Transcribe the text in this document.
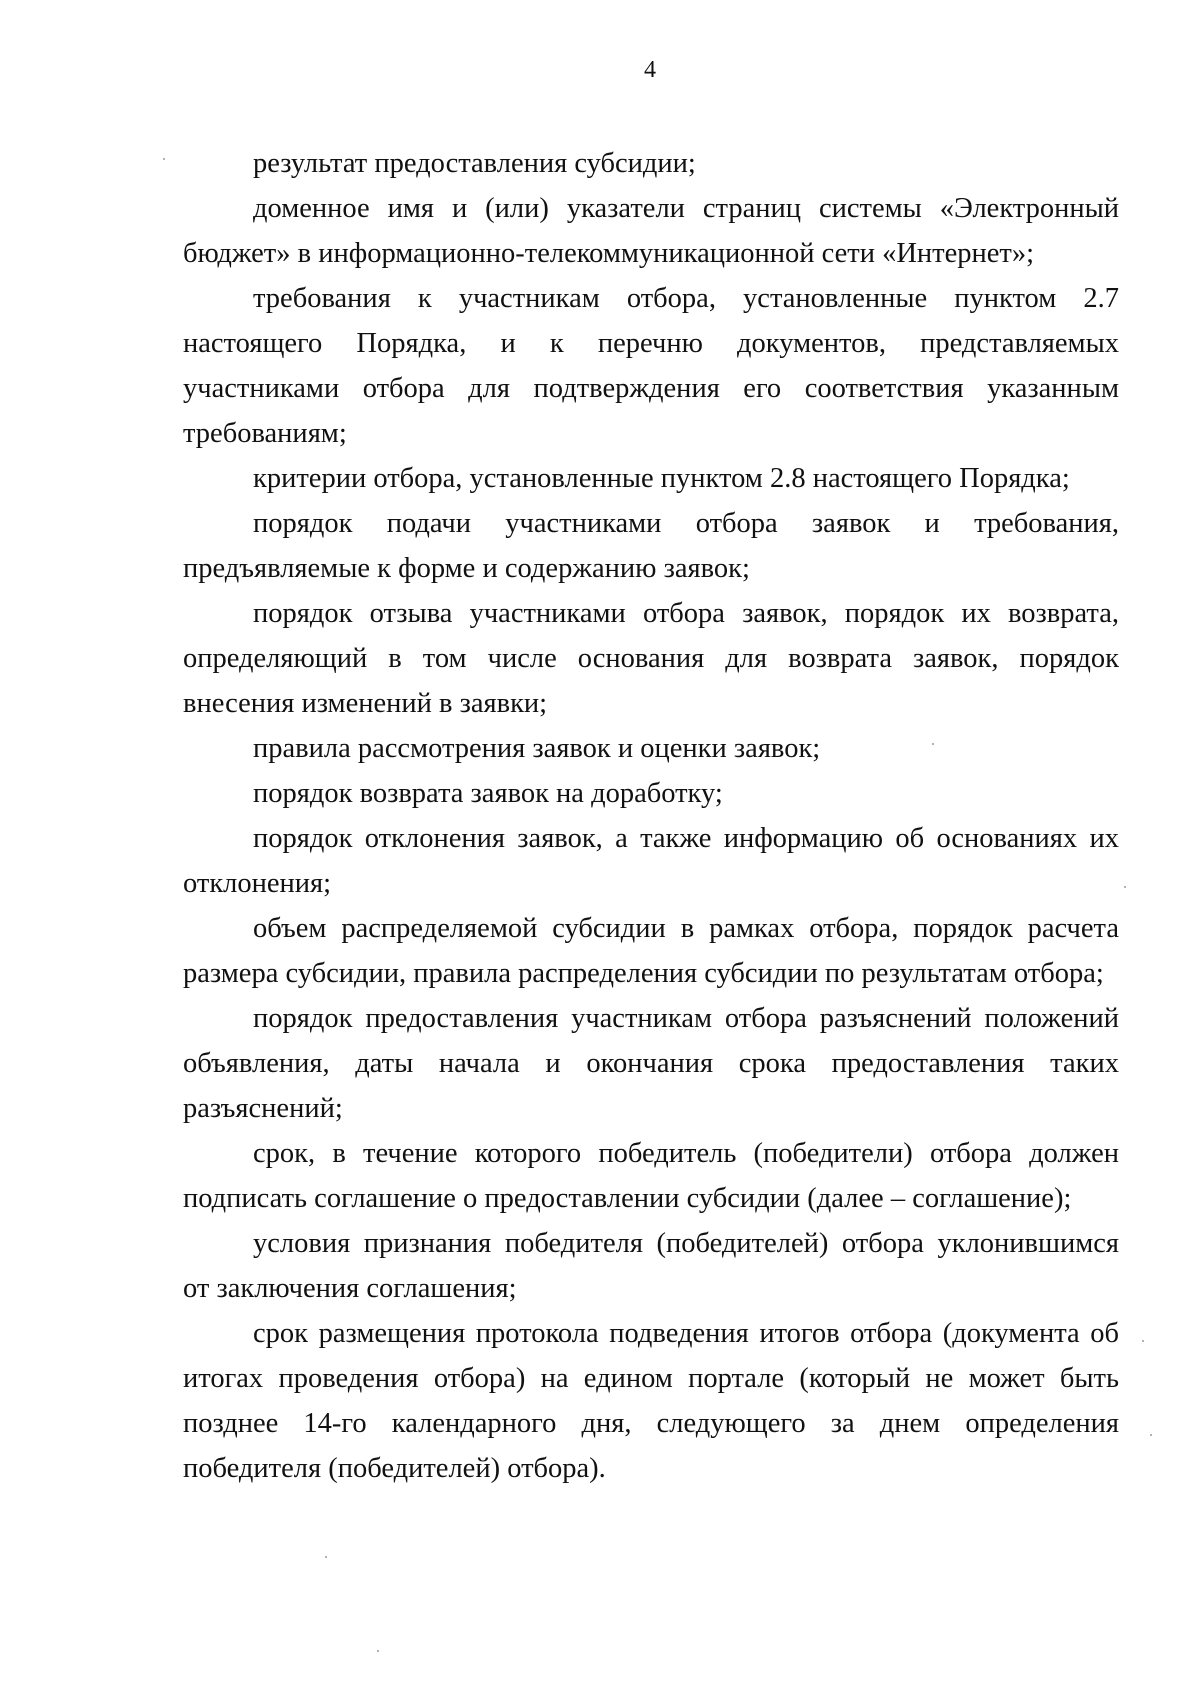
4

результат предоставления субсидии;

доменное имя и (или) указатели страниц системы «Электронный бюджет» в информационно-телекоммуникационной сети «Интернет»;

требования к участникам отбора, установленные пунктом 2.7 настоящего Порядка, и к перечню документов, представляемых участниками отбора для подтверждения его соответствия указанным требованиям;

критерии отбора, установленные пунктом 2.8 настоящего Порядка;

порядок подачи участниками отбора заявок и требования, предъявляемые к форме и содержанию заявок;

порядок отзыва участниками отбора заявок, порядок их возврата, определяющий в том числе основания для возврата заявок, порядок внесения изменений в заявки;

правила рассмотрения заявок и оценки заявок;

порядок возврата заявок на доработку;

порядок отклонения заявок, а также информацию об основаниях их отклонения;

объем распределяемой субсидии в рамках отбора, порядок расчета размера субсидии, правила распределения субсидии по результатам отбора;

порядок предоставления участникам отбора разъяснений положений объявления, даты начала и окончания срока предоставления таких разъяснений;

срок, в течение которого победитель (победители) отбора должен подписать соглашение о предоставлении субсидии (далее – соглашение);

условия признания победителя (победителей) отбора уклонившимся от заключения соглашения;

срок размещения протокола подведения итогов отбора (документа об итогах проведения отбора) на едином портале (который не может быть позднее 14-го календарного дня, следующего за днем определения победителя (победителей) отбора).
